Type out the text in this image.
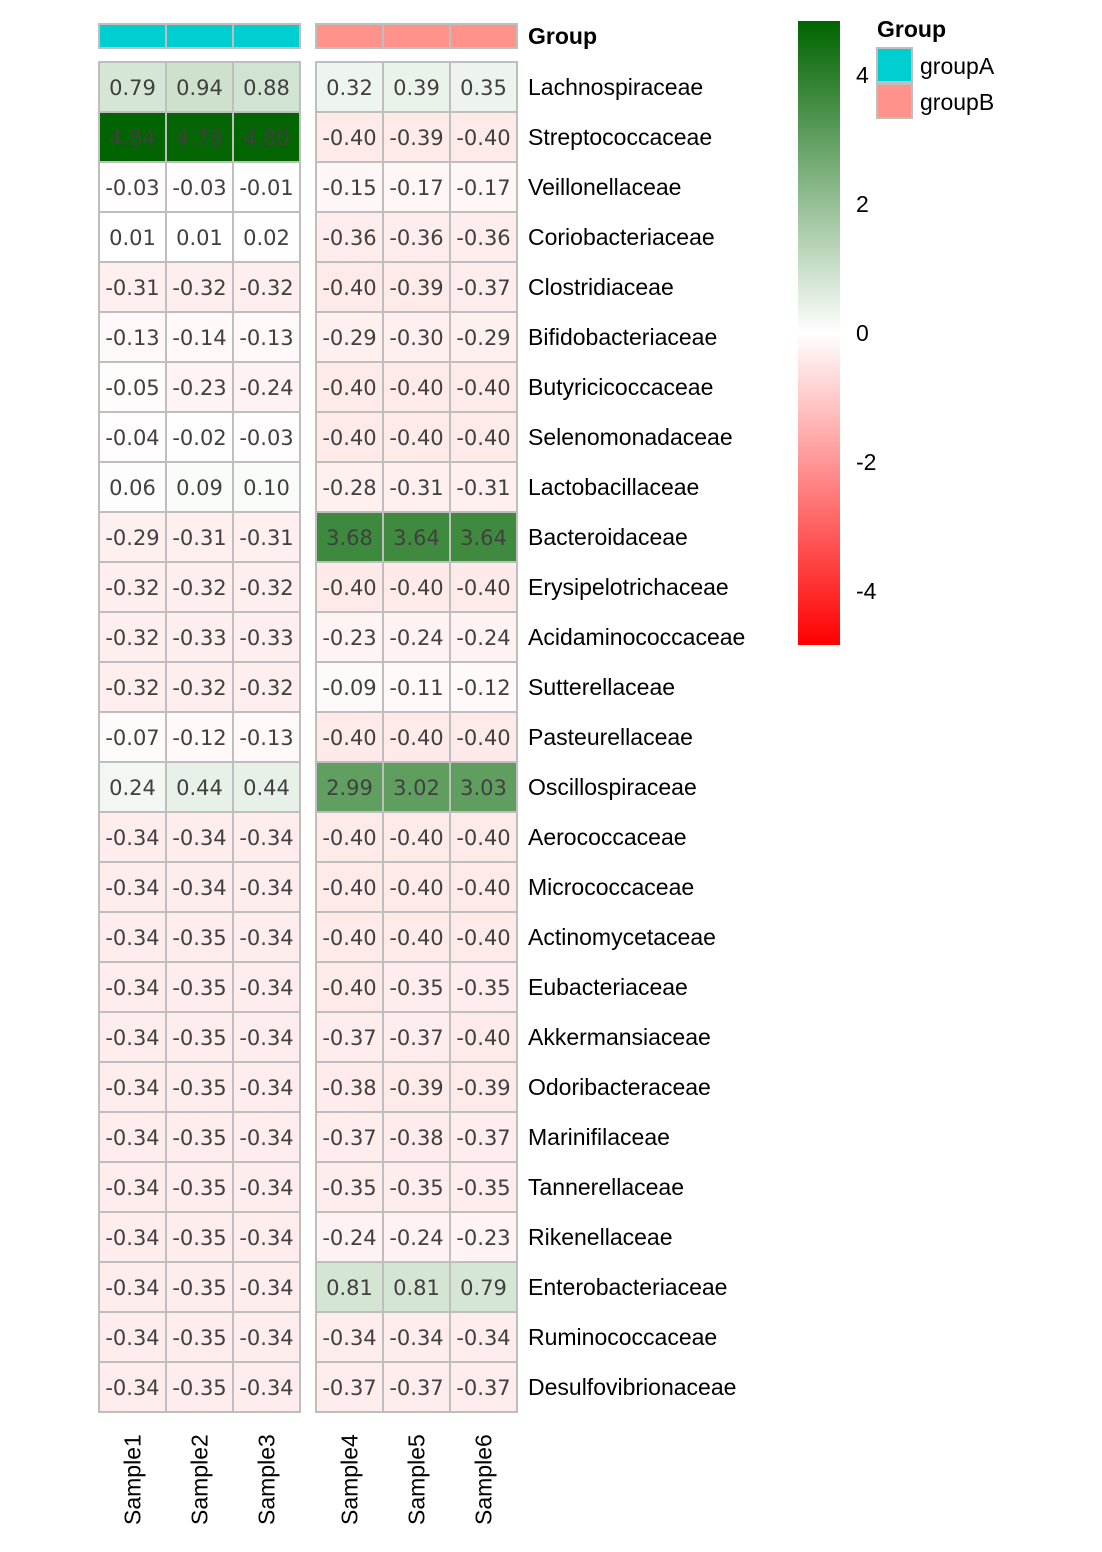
Group
0.79 0.94 0.88 0.32 0.39 0.35
4.84 4.78 4.80 -0.40 -0.39 -0.40
-0.03 -0.03 -0.01 -0.15 -0.17 -0.17
0.01 0.01 0.02 -0.36 -0.36 -0.36
-0.31 -0.32 -0.32 -0.40 -0.39 -0.37
-0.13 -0.14 -0.13 -0.29 -0.30 -0.29
-0.05 -0.23 -0.24 -0.40 -0.40 -0.40
-0.04 -0.02 -0.03 -0.40 -0.40 -0.40
0.06 0.09 0.10 -0.28 -0.31 -0.31
-0.29 -0.31 -0.31 3.68 3.64 3.64
-0.32 -0.32 -0.32 -0.40 -0.40 -0.40
-0.32 -0.33 -0.33 -0.23 -0.24 -0.24
-0.32 -0.32 -0.32 -0.09 -0.11 -0.12
-0.07 -0.12 -0.13 -0.40 -0.40 -0.40
0.24 0.44 0.44 2.99 3.02 3.03
-0.34 -0.34 -0.34 -0.40 -0.40 -0.40
-0.34 -0.34 -0.34 -0.40 -0.40 -0.40
-0.34 -0.35 -0.34 -0.40 -0.40 -0.40
-0.34 -0.35 -0.34 -0.40 -0.35 -0.35
-0.34 -0.35 -0.34 -0.37 -0.37 -0.40
-0.34 -0.35 -0.34 -0.38 -0.39 -0.39
-0.34 -0.35 -0.34 -0.37 -0.38 -0.37
-0.34 -0.35 -0.34 -0.35 -0.35 -0.35
-0.34 -0.35 -0.34 -0.24 -0.24 -0.23
-0.34 -0.35 -0.34 0.81 0.81 0.79
-0.34 -0.35 -0.34 -0.34 -0.34 -0.34
-0.34 -0.35 -0.34 -0.37 -0.37 -0.37
Lachnospiraceae
Streptococcaceae
Veillonellaceae
Coriobacteriaceae
Clostridiaceae
Bifidobacteriaceae
Butyricicoccaceae
Selenomonadaceae
Lactobacillaceae
Bacteroidaceae
Erysipelotrichaceae
Acidaminococcaceae
Sutterellaceae
Pasteurellaceae
Oscillospiraceae
Aerococcaceae
Micrococcaceae
Actinomycetaceae
Eubacteriaceae
Akkermansiaceae
Odoribacteraceae
Marinifilaceae
Tannerellaceae
Rikenellaceae
Enterobacteriaceae
Ruminococcaceae
Desulfovibrionaceae
Sample1 Sample2 Sample3 Sample4 Sample5 Sample6
4
2
0
-2
-4
Group
groupA
groupB
